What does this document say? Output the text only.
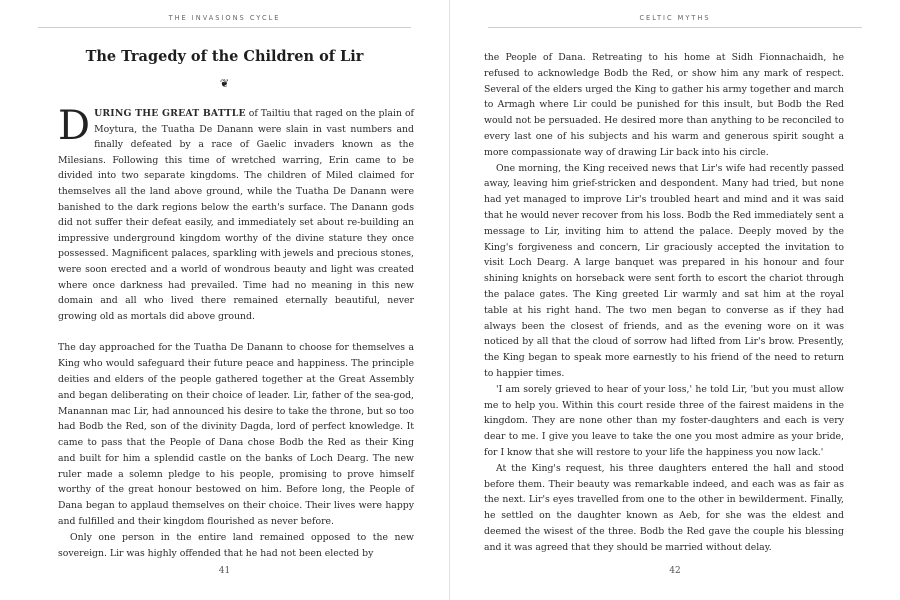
THE INVASIONS CYCLE
The Tragedy of the Children of Lir
❦

DURING THE GREAT BATTLE of Tailtiu that raged on the plain of Moytura, the Tuatha De Danann were slain in vast numbers and finally defeated by a race of Gaelic invaders known as the Milesians. Following this time of wretched warring, Erin came to be divided into two separate kingdoms. The children of Miled claimed for themselves all the land above ground, while the Tuatha De Danann were banished to the dark regions below the earth's surface. The Danann gods did not suffer their defeat easily, and immediately set about re-building an impressive underground kingdom worthy of the divine stature they once possessed. Magnificent palaces, sparkling with jewels and precious stones, were soon erected and a world of wondrous beauty and light was created where once darkness had prevailed. Time had no meaning in this new domain and all who lived there remained eternally beautiful, never growing old as mortals did above ground.

The day approached for the Tuatha De Danann to choose for themselves a King who would safeguard their future peace and happiness. The principle deities and elders of the people gathered together at the Great Assembly and began deliberating on their choice of leader. Lir, father of the sea-god, Manannan mac Lir, had announced his desire to take the throne, but so too had Bodb the Red, son of the divinity Dagda, lord of perfect knowledge. It came to pass that the People of Dana chose Bodb the Red as their King and built for him a splendid castle on the banks of Loch Dearg. The new ruler made a solemn pledge to his people, promising to prove himself worthy of the great honour bestowed on him. Before long, the People of Dana began to applaud themselves on their choice. Their lives were happy and fulfilled and their kingdom flourished as never before.

Only one person in the entire land remained opposed to the new sovereign. Lir was highly offended that he had not been elected by

41
CELTIC MYTHS

the People of Dana. Retreating to his home at Sidh Fionnachaidh, he refused to acknowledge Bodb the Red, or show him any mark of respect. Several of the elders urged the King to gather his army together and march to Armagh where Lir could be punished for this insult, but Bodb the Red would not be persuaded. He desired more than anything to be reconciled to every last one of his subjects and his warm and generous spirit sought a more compassionate way of drawing Lir back into his circle.

One morning, the King received news that Lir's wife had recently passed away, leaving him grief-stricken and despondent. Many had tried, but none had yet managed to improve Lir's troubled heart and mind and it was said that he would never recover from his loss. Bodb the Red immediately sent a message to Lir, inviting him to attend the palace. Deeply moved by the King's forgiveness and concern, Lir graciously accepted the invitation to visit Loch Dearg. A large banquet was prepared in his honour and four shining knights on horseback were sent forth to escort the chariot through the palace gates. The King greeted Lir warmly and sat him at the royal table at his right hand. The two men began to converse as if they had always been the closest of friends, and as the evening wore on it was noticed by all that the cloud of sorrow had lifted from Lir's brow. Presently, the King began to speak more earnestly to his friend of the need to return to happier times.

'I am sorely grieved to hear of your loss,' he told Lir, 'but you must allow me to help you. Within this court reside three of the fairest maidens in the kingdom. They are none other than my foster-daughters and each is very dear to me. I give you leave to take the one you most admire as your bride, for I know that she will restore to your life the happiness you now lack.'

At the King's request, his three daughters entered the hall and stood before them. Their beauty was remarkable indeed, and each was as fair as the next. Lir's eyes travelled from one to the other in bewilderment. Finally, he settled on the daughter known as Aeb, for she was the eldest and deemed the wisest of the three. Bodb the Red gave the couple his blessing and it was agreed that they should be married without delay.

42
